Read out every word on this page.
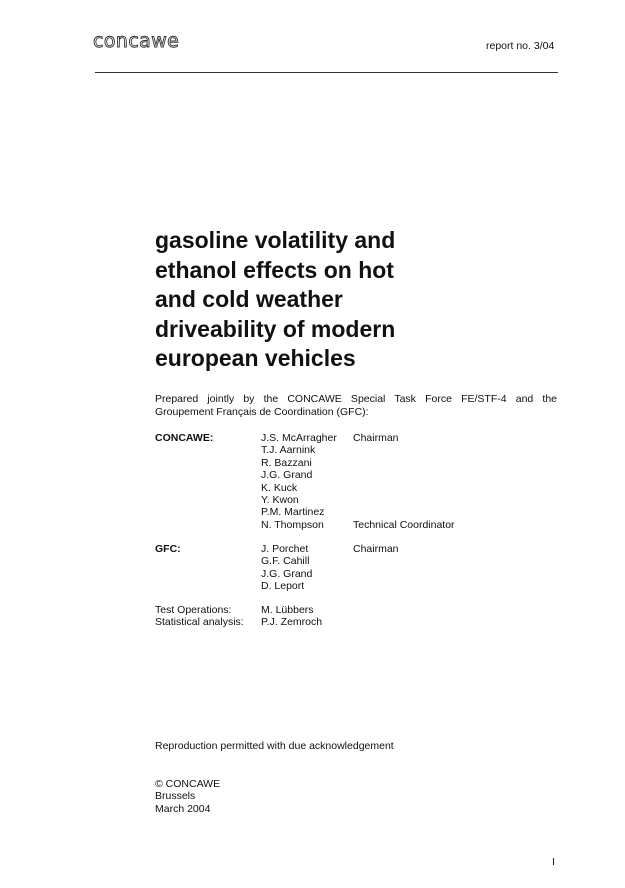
concawe	report no. 3/04
gasoline volatility and
ethanol effects on hot
and cold weather
driveability of modern
european vehicles

Prepared jointly by the CONCAWE Special Task Force FE/STF-4 and the
Groupement Français de Coordination (GFC):

CONCAWE:	J.S. McArragher Chairman
T.J. Aarnink
R. Bazzani
J.G. Grand
K. Kuck
Y. Kwon
P.M. Martinez
N. Thompson	Technical Coordinator
GFC:	J. Porchet	Chairman
G.F. Cahill
J.G. Grand
D. Leport
Test Operations:	M. Lübbers
Statistical analysis: P.J. Zemroch
Reproduction permitted with due acknowledgement
© CONCAWE
Brussels
March 2004
I
